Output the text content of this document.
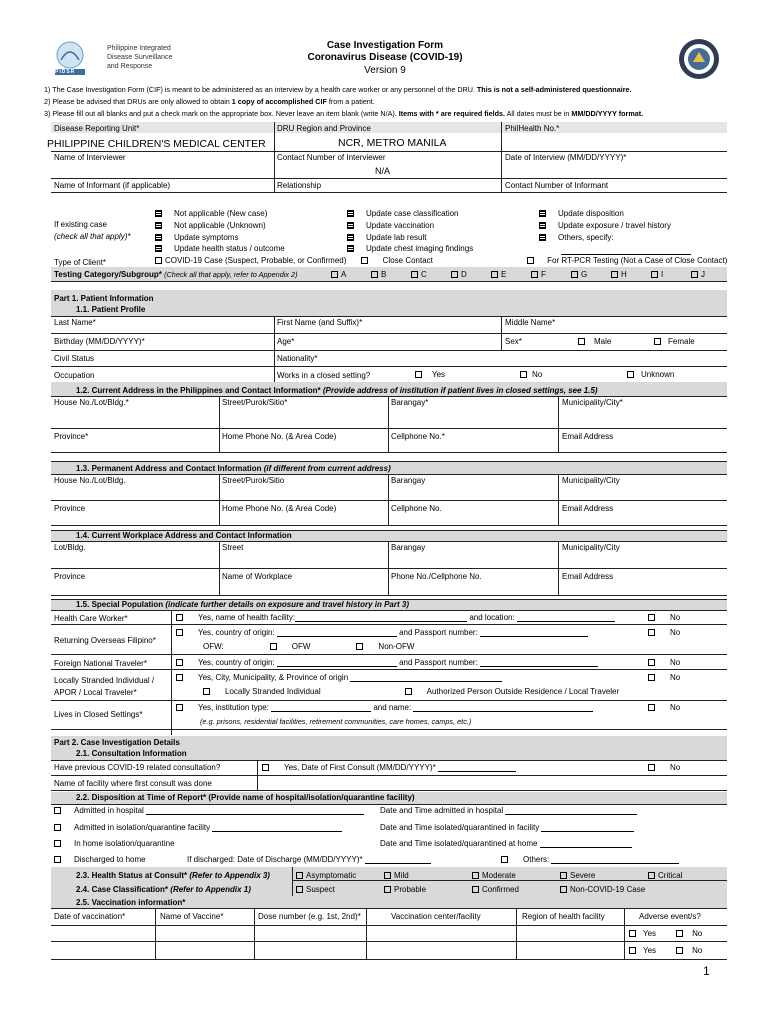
PIDSR
Philippine Integrated
Disease Surveillance
and Response
Case Investigation Form
Coronavirus Disease (COVID-19)
Version 9
1) The Case Investigation Form (CIF) is meant to be administered as an interview by a health care worker or any personnel of the DRU. This is not a self-administered questionnaire.
2) Please be advised that DRUs are only allowed to obtain 1 copy of accomplished CIF from a patient.
3) Please fill out all blanks and put a check mark on the appropriate box. Never leave an item blank (write N/A). Items with * are required fields. All dates must be in MM/DD/YYYY format.
Disease Reporting Unit*	DRU Region and Province	PhilHealth No.*
PHILIPPINE CHILDREN'S MEDICAL CENTER	NCR, METRO MANILA
Name of Interviewer	Contact Number of Interviewer	Date of Interview (MM/DD/YYYY)*
N/A
Name of Informant (if applicable)	Relationship	Contact Number of Informant
If existing case
(check all that apply)*
Not applicable (New case)
Not applicable (Unknown)
Update symptoms
Update health status / outcome
Update case classification
Update vaccination
Update lab result
Update chest imaging findings
Update disposition
Update exposure / travel history
Others, specify:
Type of Client*	COVID-19 Case (Suspect, Probable, or Confirmed)	Close Contact	For RT-PCR Testing (Not a Case of Close Contact)
Testing Category/Subgroup* (Check all that apply, refer to Appendix 2)	A	B	C	D	E	F	G	H	I	J
Part 1. Patient Information
1.1. Patient Profile
Last Name*	First Name (and Suffix)*	Middle Name*
Birthday (MM/DD/YYYY)*	Age*	Sex*	Male	Female
Civil Status	Nationality*
Occupation	Works in a closed setting?	Yes	No	Unknown
1.2. Current Address in the Philippines and Contact Information* (Provide address of institution if patient lives in closed settings, see 1.5)
House No./Lot/Bldg.*	Street/Purok/Sitio*	Barangay*	Municipality/City*
Province*	Home Phone No. (& Area Code)	Cellphone No.*	Email Address
1.3. Permanent Address and Contact Information (if different from current address)
House No./Lot/Bldg.	Street/Purok/Sitio	Barangay	Municipality/City
Province	Home Phone No. (& Area Code)	Cellphone No.	Email Address
1.4. Current Workplace Address and Contact Information
Lot/Bldg.	Street	Barangay	Municipality/City
Province	Name of Workplace	Phone No./Cellphone No.	Email Address
1.5. Special Population (indicate further details on exposure and travel history in Part 3)
Health Care Worker*	Yes, name of health facility:	and location:	No
Returning Overseas Filipino*
Yes, country of origin:	and Passport number:	No
OFW:	OFW	Non-OFW
Foreign National Traveler*	Yes, country of origin:	and Passport number:	No
Locally Stranded Individual /
APOR / Local Traveler*
Yes, City, Municipality, & Province of origin	No
Locally Stranded Individual	Authorized Person Outside Residence / Local Traveler
Lives in Closed Settings*
Yes, institution type:	and name:	No
(e.g. prisons, residential facilities, retirement communities, care homes, camps, etc.)
Part 2. Case Investigation Details
2.1. Consultation Information
Have previous COVID-19 related consultation?	Yes, Date of First Consult (MM/DD/YYYY)*	No
Name of facility where first consult was done
2.2. Disposition at Time of Report* (Provide name of hospital/isolation/quarantine facility)
Admitted in hospital	Date and Time admitted in hospital
Admitted in isolation/quarantine facility	Date and Time isolated/quarantined in facility
In home isolation/quarantine	Date and Time isolated/quarantined at home
Discharged to home	If discharged: Date of Discharge (MM/DD/YYYY)*	Others:
2.3. Health Status at Consult* (Refer to Appendix 3)	Asymptomatic	Mild	Moderate	Severe	Critical
2.4. Case Classification* (Refer to Appendix 1)	Suspect	Probable	Confirmed	Non-COVID-19 Case
2.5. Vaccination information*
Date of vaccination*	Name of Vaccine*	Dose number (e.g. 1st, 2nd)*	Vaccination center/facility	Region of health facility	Adverse event/s?
Yes	No
Yes	No
1
